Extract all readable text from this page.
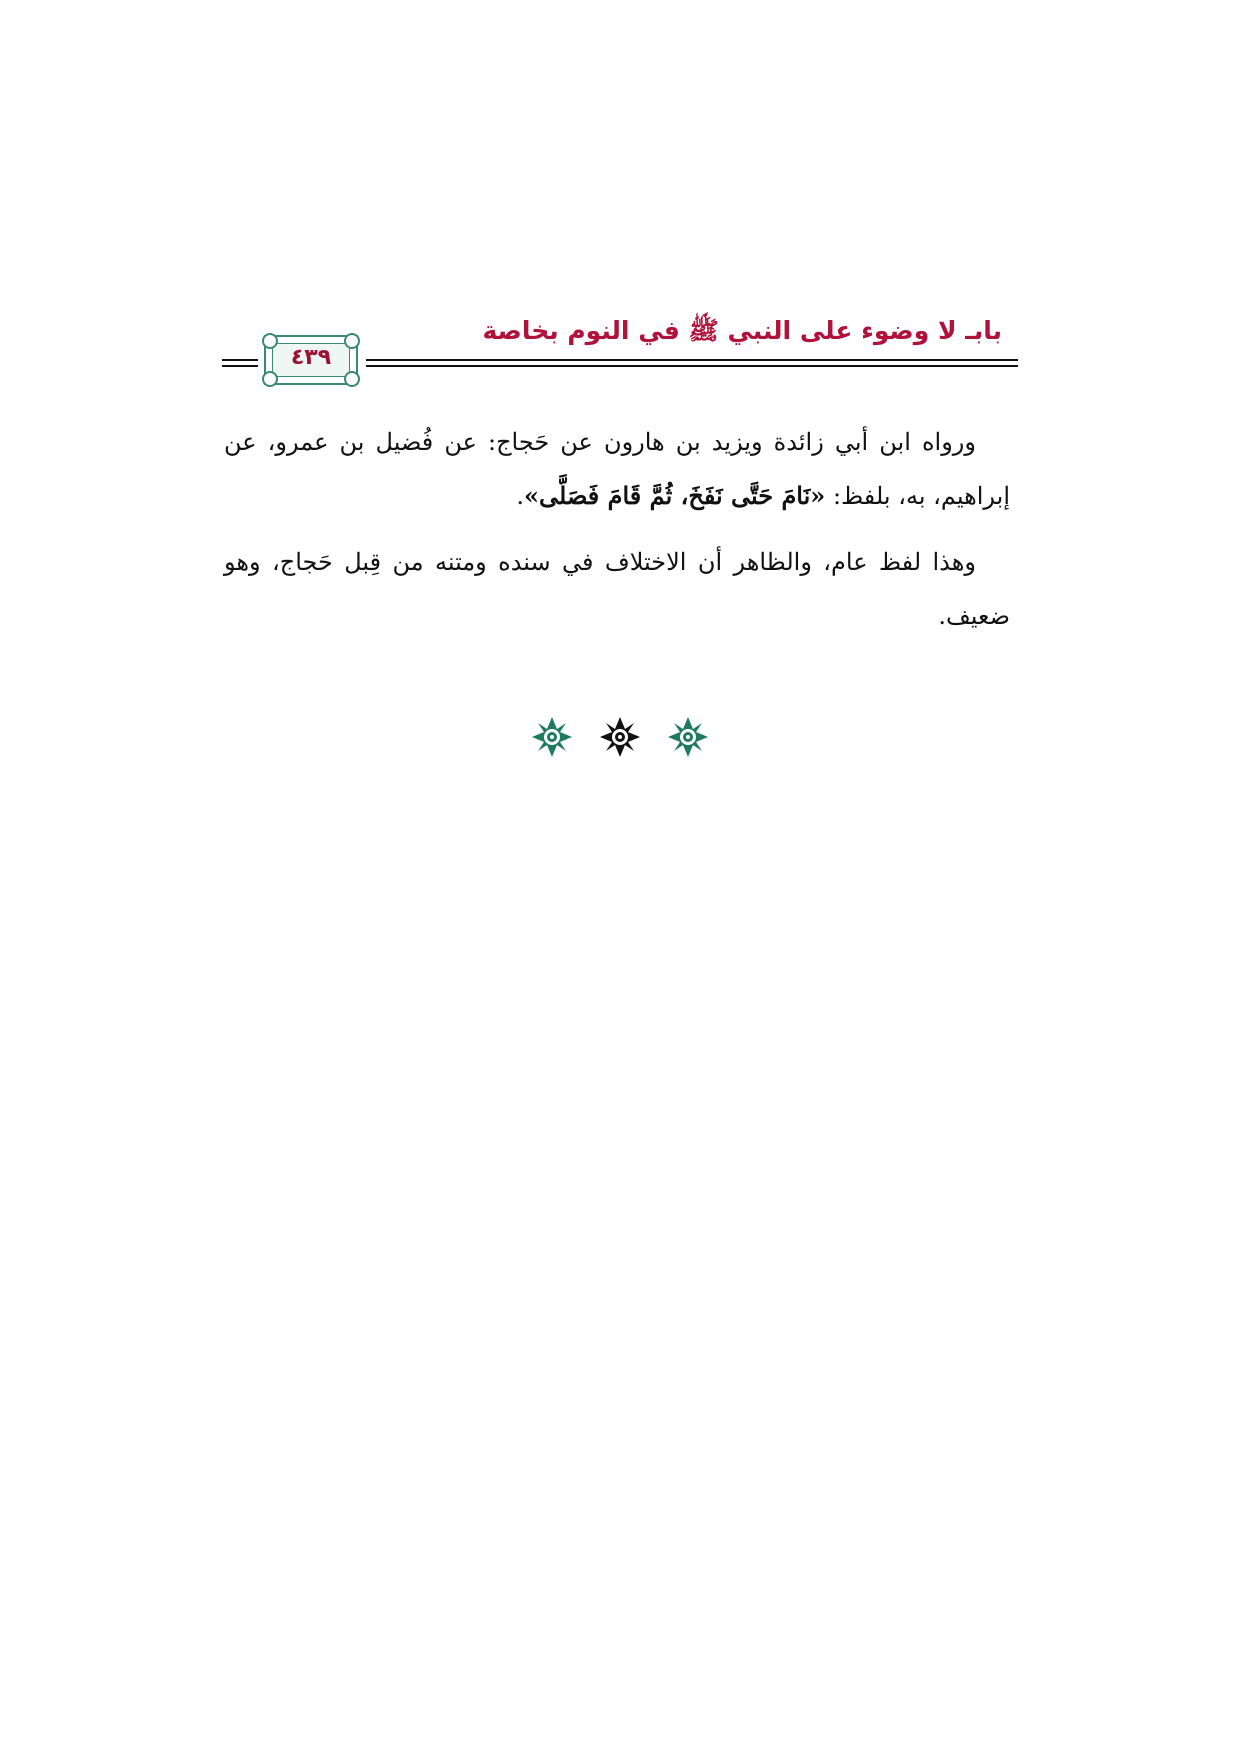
بابـ لا وضوء على النبي ﷺ في النوم بخاصة
٤٣٩

ورواه ابن أبي زائدة ويزيد بن هارون عن حَجاج: عن فُضيل بن عمرو، عن إبراهيم، به، بلفظ: «نَامَ حَتَّى نَفَخَ، ثُمَّ قَامَ فَصَلَّى».

وهذا لفظ عام، والظاهر أن الاختلاف في سنده ومتنه من قِبل حَجاج، وهو ضعيف.
